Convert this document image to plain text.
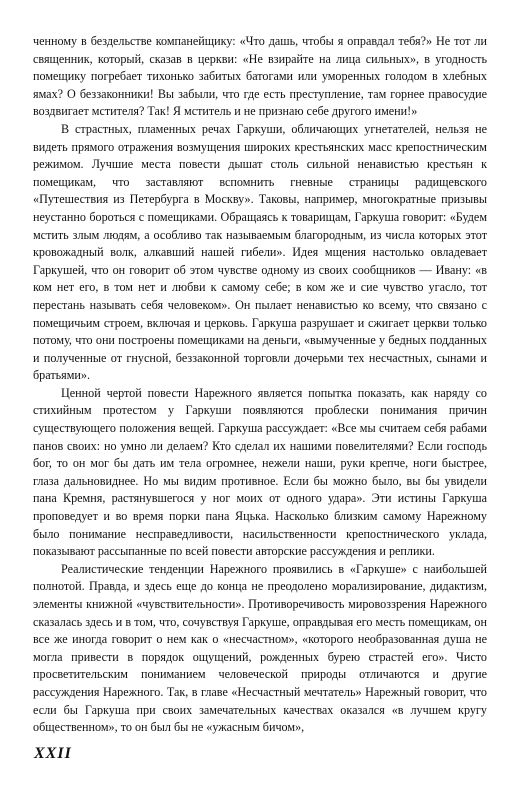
ченному в бездельстве компанейщику: «Что дашь, чтобы я оправдал тебя?» Не тот ли священник, который, сказав в церкви: «Не взирайте на лица сильных», в угодность помещику погребает тихонько забитых батогами или уморенных голодом в хлебных ямах? О беззаконники! Вы забыли, что где есть преступление, там горнее правосудие воздвигает мстителя? Так! Я мститель и не признаю себе другого имени!»

В страстных, пламенных речах Гаркуши, обличающих угнетателей, нельзя не видеть прямого отражения возмущения широких крестьянских масс крепостническим режимом. Лучшие места повести дышат столь сильной ненавистью крестьян к помещикам, что заставляют вспомнить гневные страницы радищевского «Путешествия из Петербурга в Москву». Таковы, например, многократные призывы неустанно бороться с помещиками. Обращаясь к товарищам, Гаркуша говорит: «Будем мстить злым людям, а особливо так называемым благородным, из числа которых этот кровожадный волк, алкавший нашей гибели». Идея мщения настолько овладевает Гаркушей, что он говорит об этом чувстве одному из своих сообщников — Ивану: «в ком нет его, в том нет и любви к самому себе; в ком же и сие чувство угасло, тот перестань называть себя человеком». Он пылает ненавистью ко всему, что связано с помещичьим строем, включая и церковь. Гаркуша разрушает и сжигает церкви только потому, что они построены помещиками на деньги, «вымученные у бедных подданных и полученные от гнусной, беззаконной торговли дочерьми тех несчастных, сынами и братьями».

Ценной чертой повести Нарежного является попытка показать, как наряду со стихийным протестом у Гаркуши появляются проблески понимания причин существующего положения вещей. Гаркуша рассуждает: «Все мы считаем себя рабами панов своих: но умно ли делаем? Кто сделал их нашими повелителями? Если господь бог, то он мог бы дать им тела огромнее, нежели наши, руки крепче, ноги быстрее, глаза дальновиднее. Но мы видим противное. Если бы можно было, вы бы увидели пана Кремня, растянувшегося у ног моих от одного удара». Эти истины Гаркуша проповедует и во время порки пана Яцька. Насколько близким самому Нарежному было понимание несправедливости, насильственности крепостнического уклада, показывают рассыпанные по всей повести авторские рассуждения и реплики.

Реалистические тенденции Нарежного проявились в «Гаркуше» с наибольшей полнотой. Правда, и здесь еще до конца не преодолено морализирование, дидактизм, элементы книжной «чувствительности». Противоречивость мировоззрения Нарежного сказалась здесь и в том, что, сочувствуя Гаркуше, оправдывая его месть помещикам, он все же иногда говорит о нем как о «несчастном», «которого необразованная душа не могла привести в порядок ощущений, рожденных бурею страстей его». Чисто просветительским пониманием человеческой природы отличаются и другие рассуждения Нарежного. Так, в главе «Несчастный мечтатель» Нарежный говорит, что если бы Гаркуша при своих замечательных качествах оказался «в лучшем кругу общественном», то он был бы не «ужасным бичом»,

XXII
